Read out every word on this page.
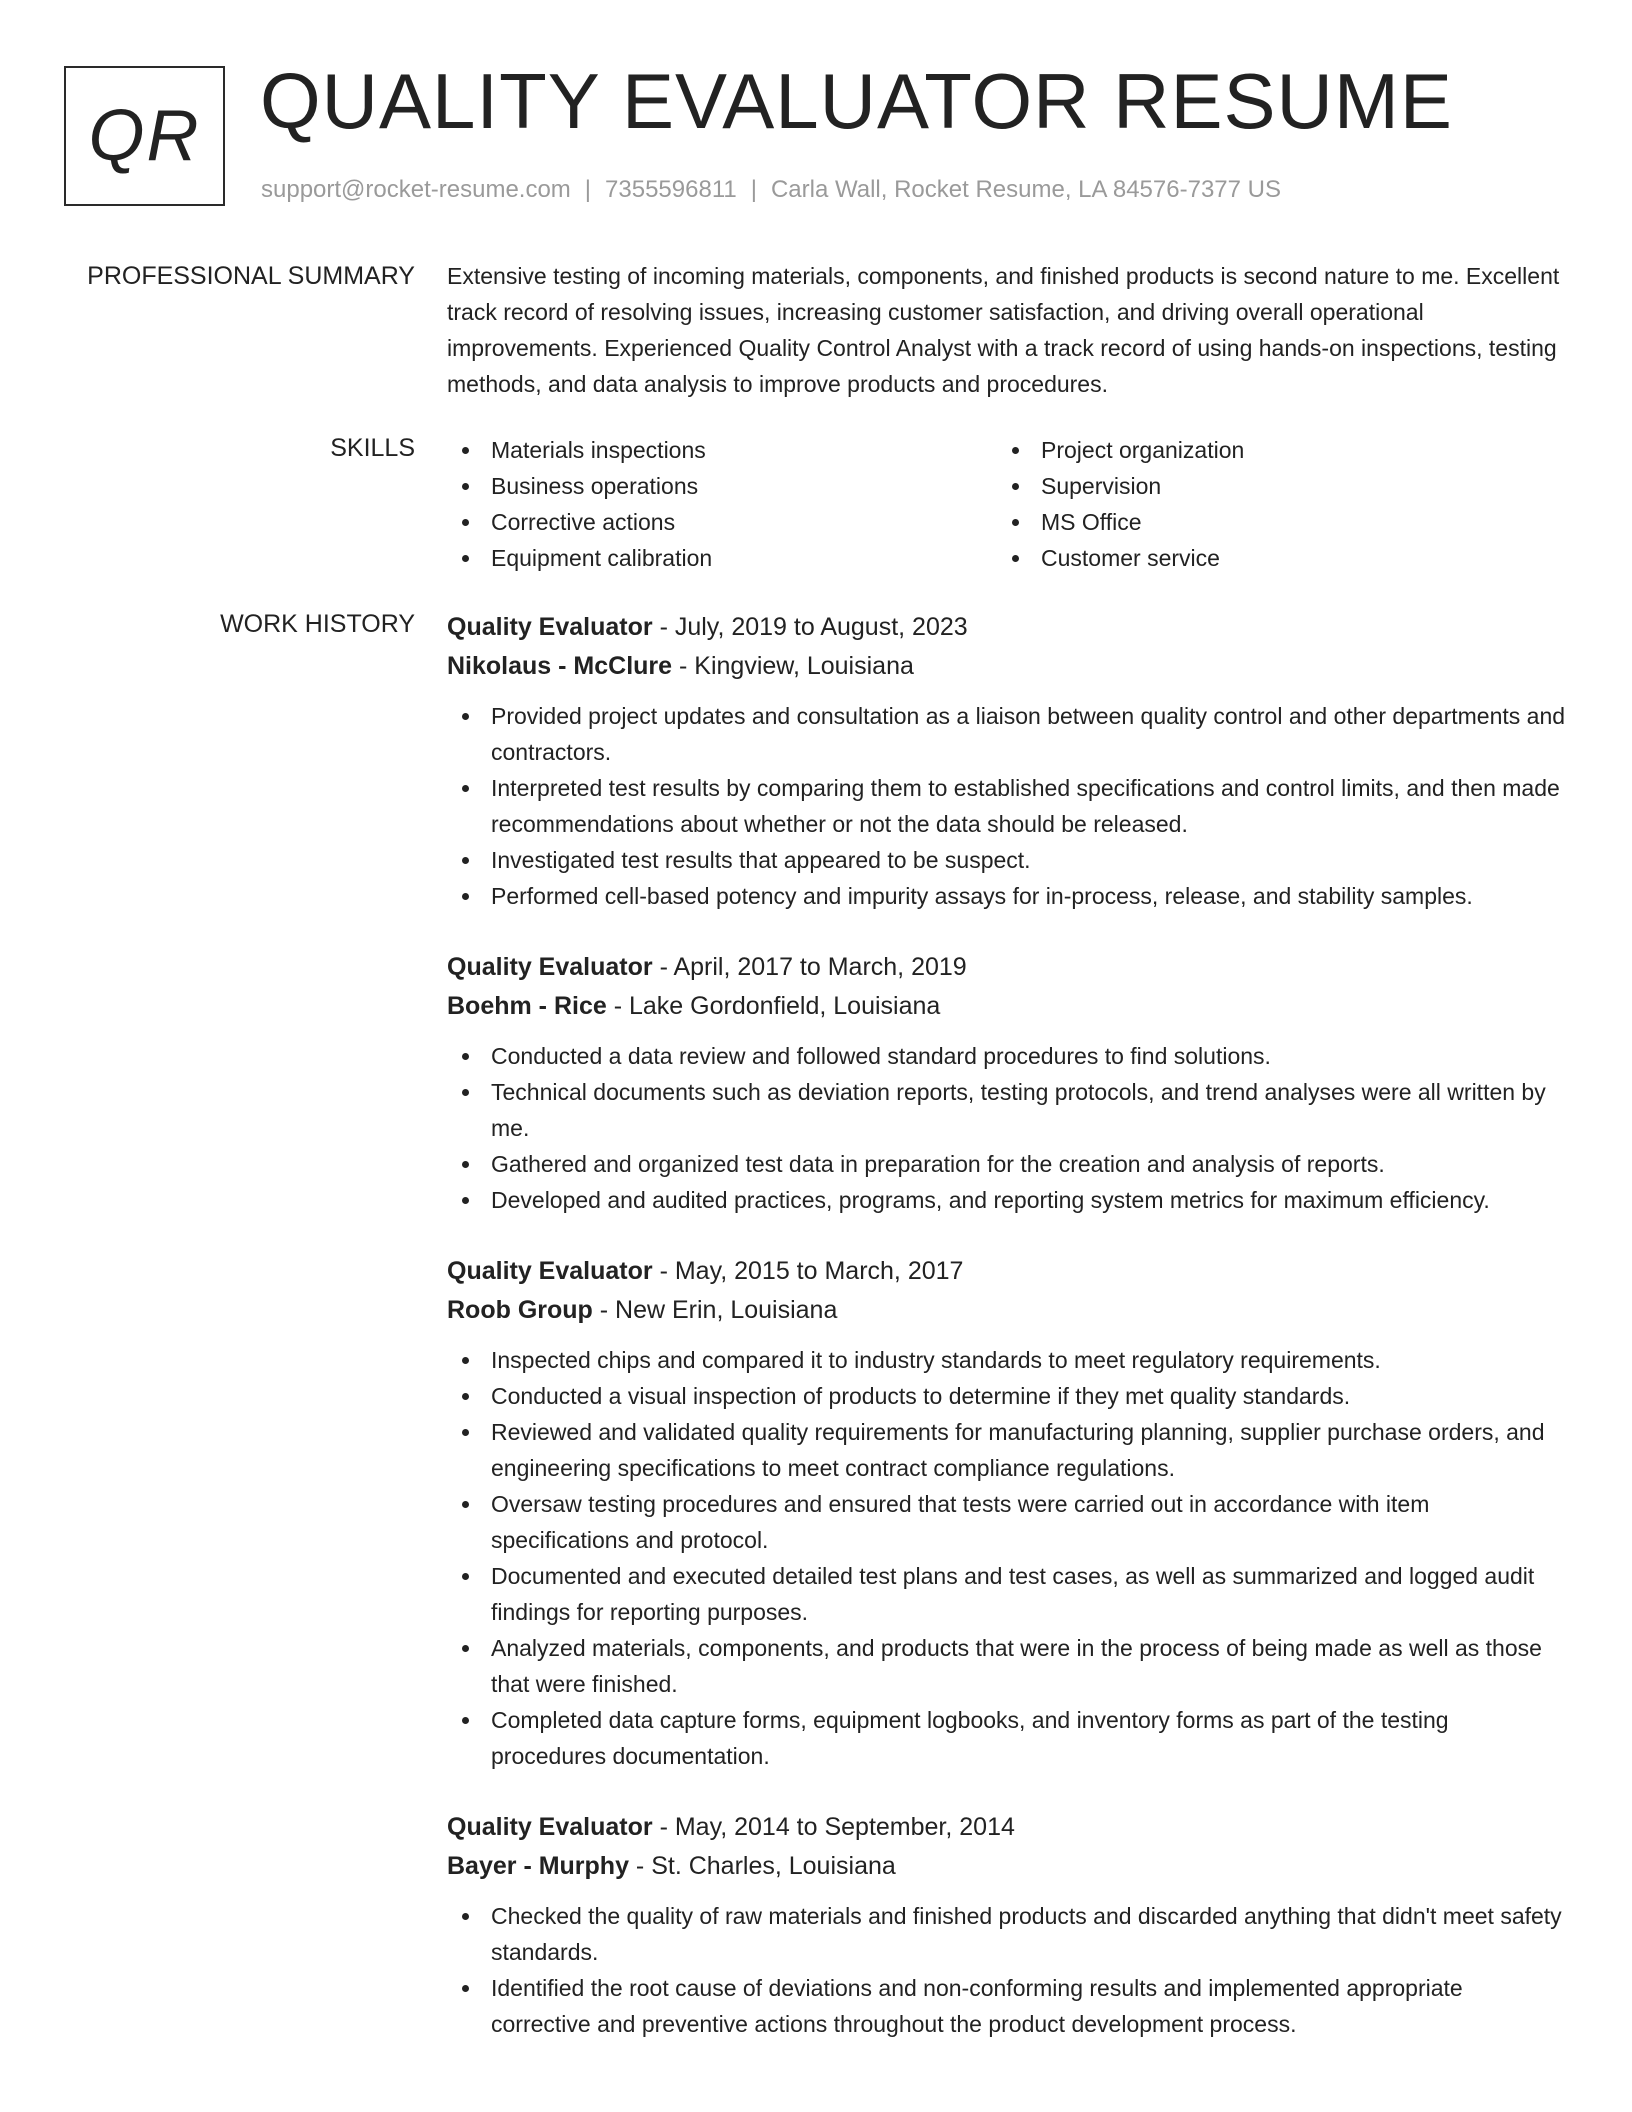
QR QUALITY EVALUATOR RESUME
support@rocket-resume.com | 7355596811 | Carla Wall, Rocket Resume, LA 84576-7377 US
PROFESSIONAL SUMMARY Extensive testing of incoming materials, components, and finished products is second nature to me. Excellent track record of resolving issues, increasing customer satisfaction, and driving overall operational improvements. Experienced Quality Control Analyst with a track record of using hands-on inspections, testing methods, and data analysis to improve products and procedures.

SKILLS	Materials inspections
Business operations
Corrective actions
Equipment calibration
Project organization
Supervision
MS Office
Customer service
WORK HISTORY Quality Evaluator - July, 2019 to August, 2023
Nikolaus - McClure - Kingview, Louisiana
Provided project updates and consultation as a liaison between quality control and other departments and contractors.
Interpreted test results by comparing them to established specifications and control limits, and then made recommendations about whether or not the data should be released.
Investigated test results that appeared to be suspect.
Performed cell-based potency and impurity assays for in-process, release, and stability samples.
Quality Evaluator - April, 2017 to March, 2019
Boehm - Rice - Lake Gordonfield, Louisiana
Conducted a data review and followed standard procedures to find solutions.
Technical documents such as deviation reports, testing protocols, and trend analyses were all written by me.
Gathered and organized test data in preparation for the creation and analysis of reports.
Developed and audited practices, programs, and reporting system metrics for maximum efficiency.
Quality Evaluator - May, 2015 to March, 2017
Roob Group - New Erin, Louisiana
Inspected chips and compared it to industry standards to meet regulatory requirements.
Conducted a visual inspection of products to determine if they met quality standards.
Reviewed and validated quality requirements for manufacturing planning, supplier purchase orders, and engineering specifications to meet contract compliance regulations.
Oversaw testing procedures and ensured that tests were carried out in accordance with item specifications and protocol.
Documented and executed detailed test plans and test cases, as well as summarized and logged audit findings for reporting purposes.
Analyzed materials, components, and products that were in the process of being made as well as those that were finished.
Completed data capture forms, equipment logbooks, and inventory forms as part of the testing procedures documentation.
Quality Evaluator - May, 2014 to September, 2014
Bayer - Murphy - St. Charles, Louisiana
Checked the quality of raw materials and finished products and discarded anything that didn't meet safety standards.
Identified the root cause of deviations and non-conforming results and implemented appropriate corrective and preventive actions throughout the product development process.
